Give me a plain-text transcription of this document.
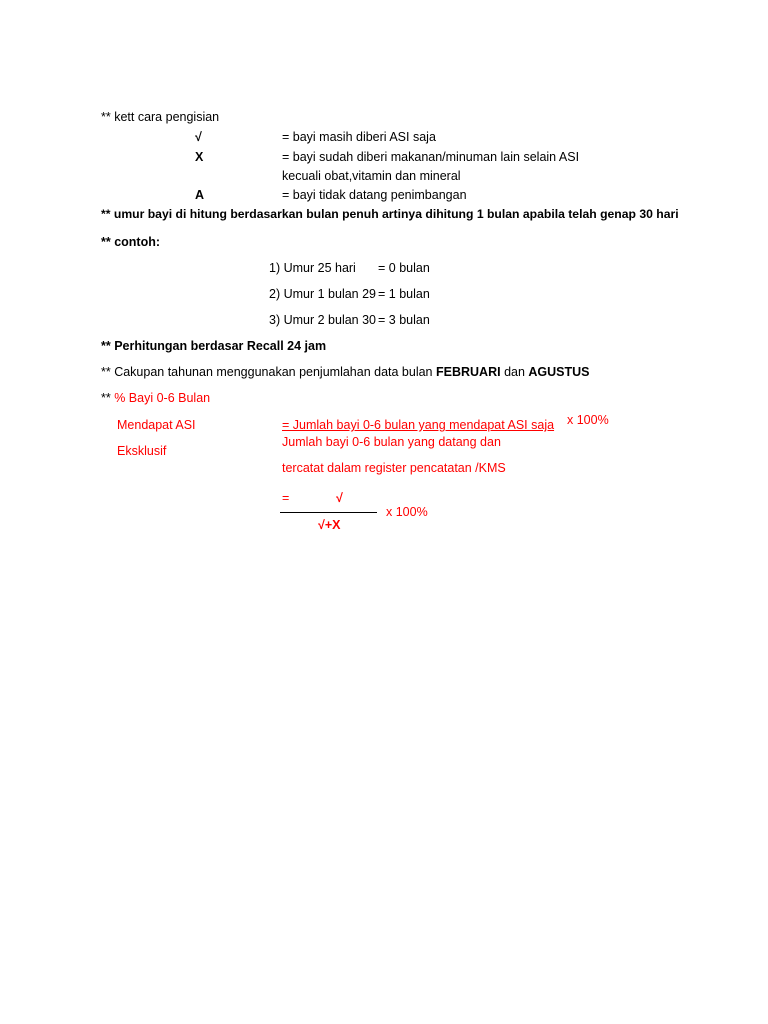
** kett cara pengisian
√	= bayi masih diberi ASI saja
X	= bayi sudah diberi makanan/minuman lain selain ASI
kecuali obat,vitamin dan mineral
A	= bayi tidak datang penimbangan
** umur bayi di hitung berdasarkan bulan penuh artinya dihitung 1 bulan apabila telah genap 30 hari
** contoh:
1) Umur 25 hari = 0 bulan
2) Umur 1 bulan 29 = 1 bulan
3) Umur 2 bulan 30 = 3 bulan
** Perhitungan berdasar Recall 24 jam
** Cakupan tahunan menggunakan penjumlahan data bulan FEBRUARI dan AGUSTUS
** % Bayi 0-6 Bulan
Mendapat ASI
Eksklusif
= Jumlah bayi 0-6 bulan yang mendapat ASI saja x 100%
Jumlah bayi 0-6 bulan yang datang dan
tercatat dalam register pencatatan /KMS
=	√
√+X
x 100%
